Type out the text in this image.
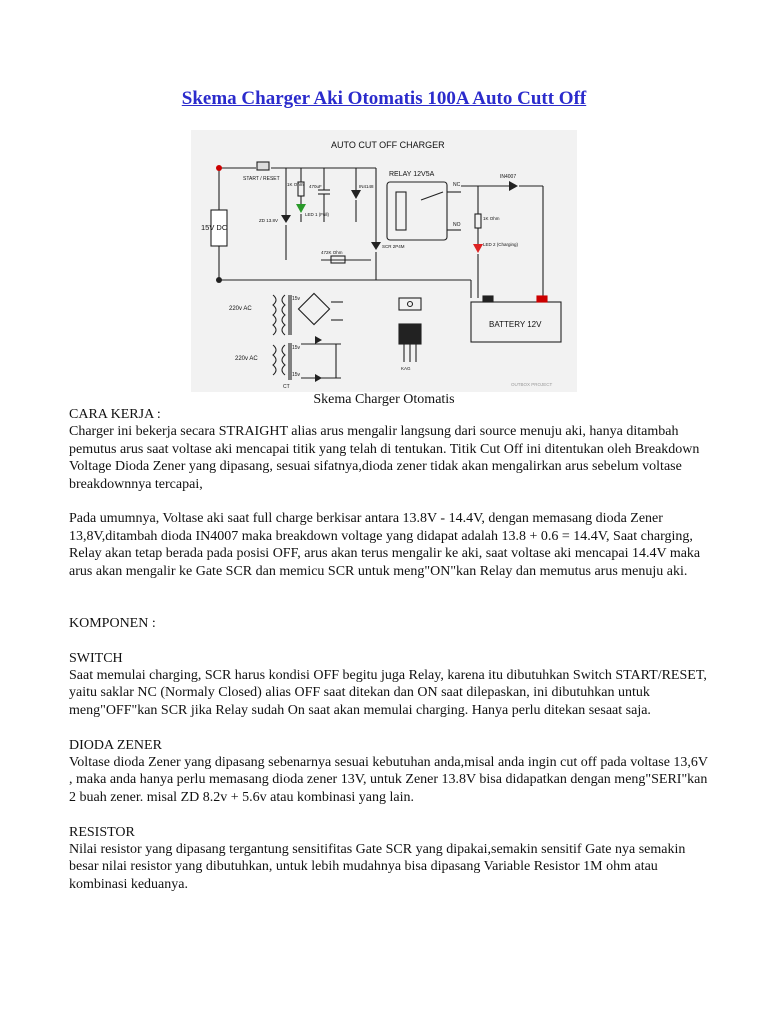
Skema Charger Aki Otomatis 100A Auto Cutt Off
AUTO CUT OFF CHARGER
START / RESET
15V DC
RELAY 12V5A	IN4007
IN4148
1K Ohm 470uF
LED 1 (Full)
ZD 13.8V	1K Ohm
LED 2 (Charging)
472K Ohm
SCR 2P4M
NC
NO
BATTERY 12V
220v AC
220v AC
15v
15v
15v
CT
KAG
OUTBOX PROJECT
Skema Charger Otomatis

CARA KERJA :

Charger ini bekerja secara STRAIGHT alias arus mengalir langsung dari source menuju aki, hanya ditambah pemutus arus saat voltase aki mencapai titik yang telah di tentukan. Titik Cut Off ini ditentukan oleh Breakdown Voltage Dioda Zener yang dipasang, sesuai sifatnya,dioda zener tidak akan mengalirkan arus sebelum voltase breakdownnya tercapai,

Pada umumnya, Voltase aki saat full charge berkisar antara 13.8V - 14.4V, dengan memasang dioda Zener 13,8V,ditambah dioda IN4007 maka breakdown voltage yang didapat adalah 13.8 + 0.6 = 14.4V, Saat charging, Relay akan tetap berada pada posisi OFF, arus akan terus mengalir ke aki, saat voltase aki mencapai 14.4V maka arus akan mengalir ke Gate SCR dan memicu SCR untuk meng"ON"kan Relay dan memutus arus menuju aki.

KOMPONEN :

SWITCH

Saat memulai charging, SCR harus kondisi OFF begitu juga Relay, karena itu dibutuhkan Switch START/RESET, yaitu saklar NC (Normaly Closed) alias OFF saat ditekan dan ON saat dilepaskan, ini dibutuhkan untuk meng"OFF"kan SCR jika Relay sudah On saat akan memulai charging. Hanya perlu ditekan sesaat saja.

DIODA ZENER

Voltase dioda Zener yang dipasang sebenarnya sesuai kebutuhan anda,misal anda ingin cut off pada voltase 13,6V , maka anda hanya perlu memasang dioda zener 13V, untuk Zener 13.8V bisa didapatkan dengan meng"SERI"kan 2 buah zener. misal ZD 8.2v + 5.6v atau kombinasi yang lain.

RESISTOR

Nilai resistor yang dipasang tergantung sensitifitas Gate SCR yang dipakai,semakin sensitif Gate nya semakin besar nilai resistor yang dibutuhkan, untuk lebih mudahnya bisa dipasang Variable Resistor 1M ohm atau kombinasi keduanya.
